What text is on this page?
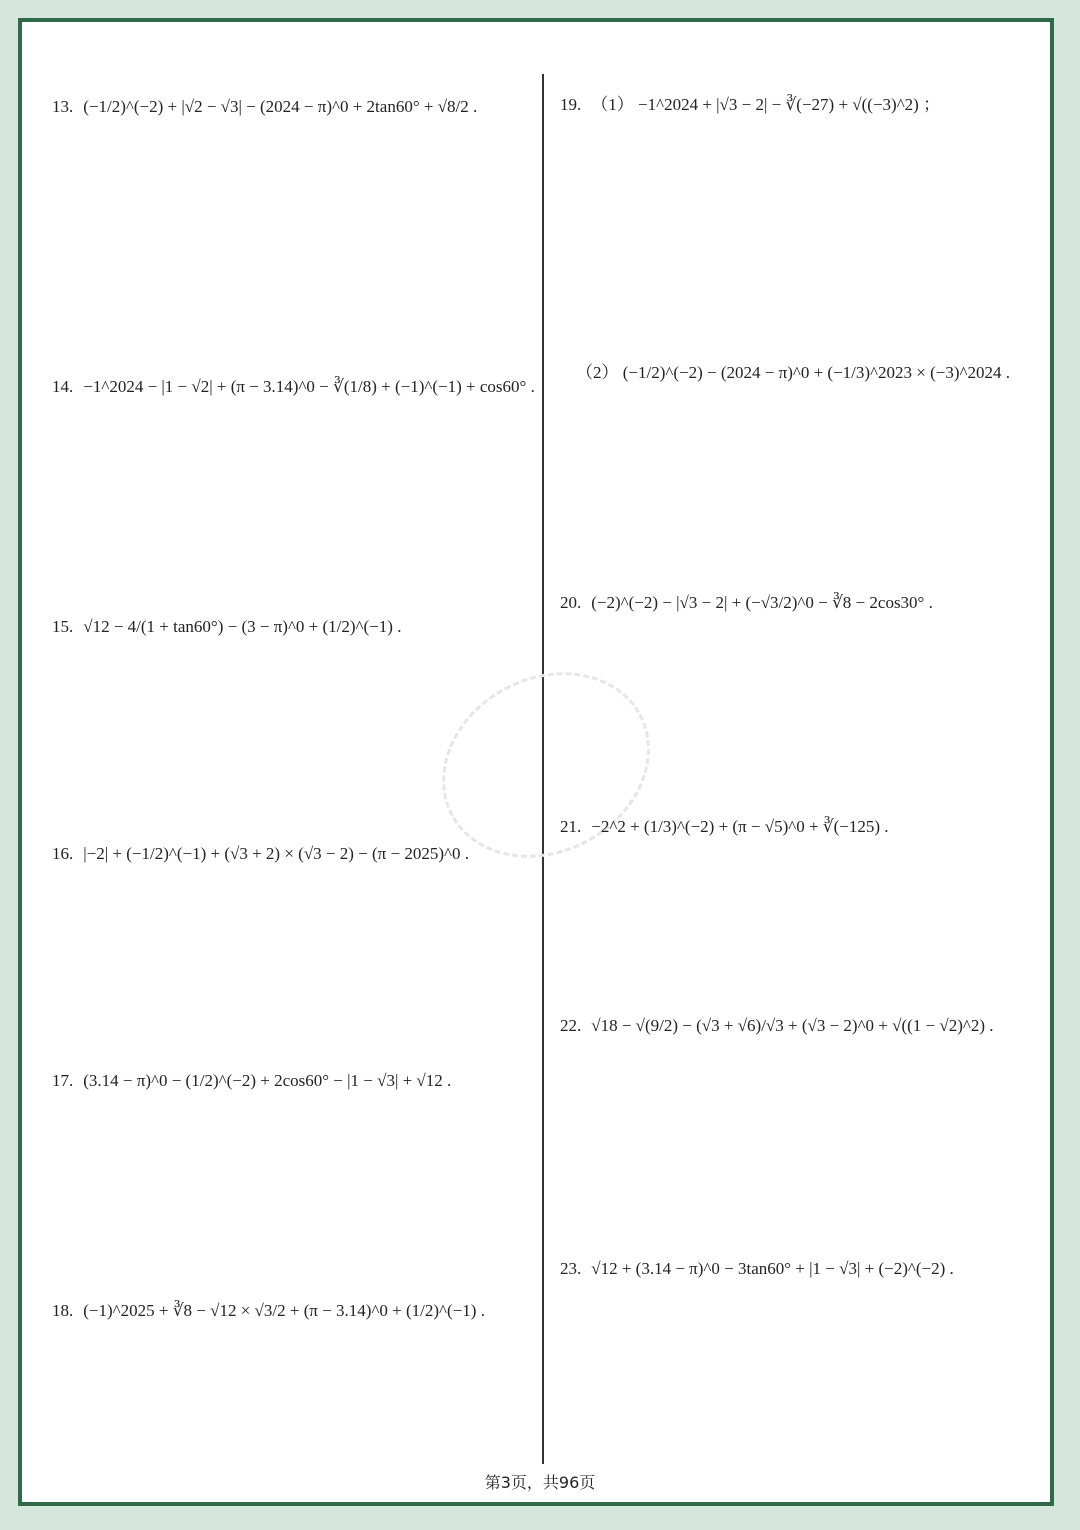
13. (−1/2)^(−2) + |√2 − √3| − (2024 − π)^0 + 2tan60° + √8/2 .
14. −1^2024 − |1 − √2| + (π − 3.14)^0 − ∛(1/8) + (−1)^(−1) + cos60° .
15. √12 − 4/(1 + tan60°) − (3 − π)^0 + (1/2)^(−1) .
16. |−2| + (−1/2)^(−1) + (√3 + 2) × (√3 − 2) − (π − 2025)^0 .
17. (3.14 − π)^0 − (1/2)^(−2) + 2cos60° − |1 − √3| + √12 .
18. (−1)^2025 + ∛8 − √12 × √3/2 + (π − 3.14)^0 + (1/2)^(−1) .
19. （1） −1^2024 + |√3 − 2| − ∛(−27) + √((−3)^2) ；
（2） (−1/2)^(−2) − (2024 − π)^0 + (−1/3)^2023 × (−3)^2024 .
20. (−2)^(−2) − |√3 − 2| + (−√3/2)^0 − ∛8 − 2cos30° .
21. −2^2 + (1/3)^(−2) + (π − √5)^0 + ∛(−125) .
22. √18 − √(9/2) − (√3 + √6)/√3 + (√3 − 2)^0 + √((1 − √2)^2) .
23. √12 + (3.14 − π)^0 − 3tan60° + |1 − √3| + (−2)^(−2) .
第3页，共96页
